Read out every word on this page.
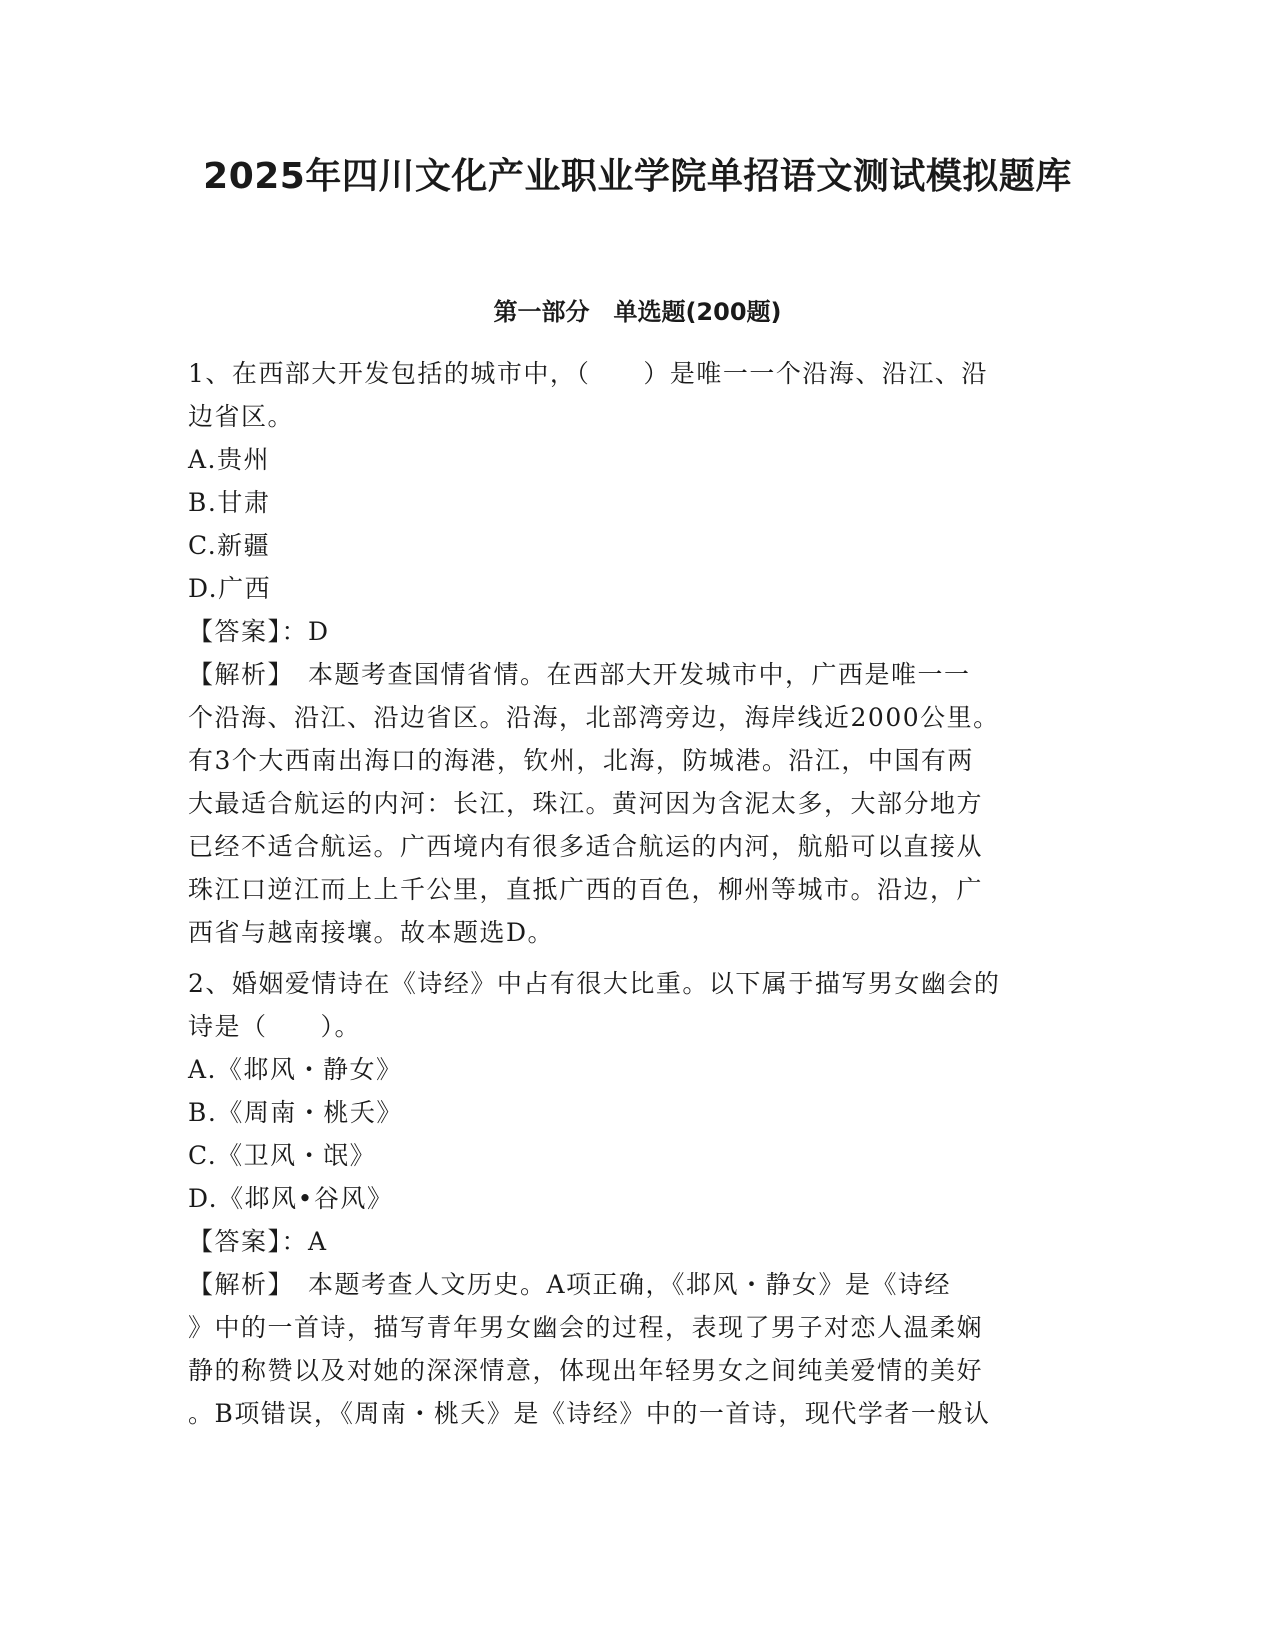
2025年四川文化产业职业学院单招语文测试模拟题库
第一部分　单选题(200题)
1、在西部大开发包括的城市中，（　　）是唯一一个沿海、沿江、沿
边省区。
A.贵州
B.甘肃
C.新疆
D.广西
【答案】：D
【解析】　本题考查国情省情。在西部大开发城市中，广西是唯一一
个沿海、沿江、沿边省区。沿海，北部湾旁边，海岸线近2000公里。
有3个大西南出海口的海港，钦州，北海，防城港。沿江，中国有两
大最适合航运的内河：长江，珠江。黄河因为含泥太多，大部分地方
已经不适合航运。广西境内有很多适合航运的内河，航船可以直接从
珠江口逆江而上上千公里，直抵广西的百色，柳州等城市。沿边，广
西省与越南接壤。故本题选D。
2、婚姻爱情诗在《诗经》中占有很大比重。以下属于描写男女幽会的
诗是（　　）。
A.《邶风・静女》
B.《周南・桃夭》
C.《卫风・氓》
D.《邶风•谷风》
【答案】：A
【解析】　本题考查人文历史。A项正确，《邶风・静女》是《诗经
》中的一首诗，描写青年男女幽会的过程，表现了男子对恋人温柔娴
静的称赞以及对她的深深情意，体现出年轻男女之间纯美爱情的美好
。B项错误，《周南・桃夭》是《诗经》中的一首诗，现代学者一般认
